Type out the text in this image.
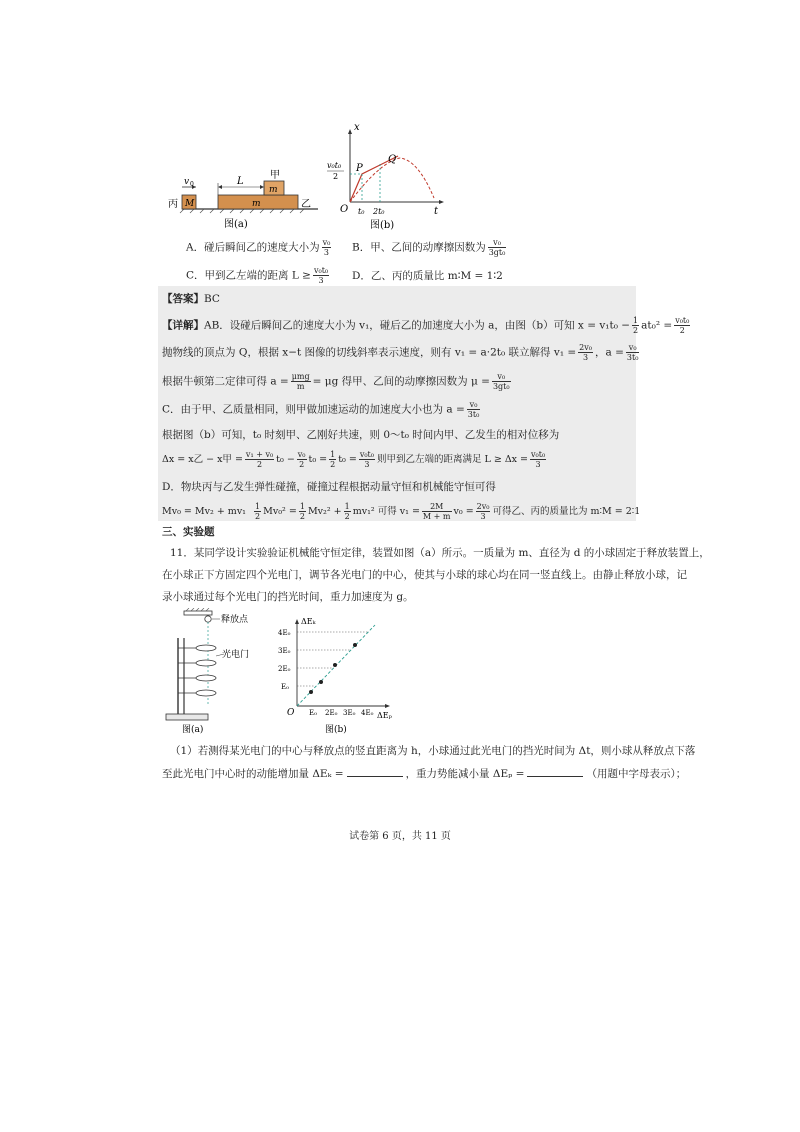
v 0	L
甲
m
m
M
丙	乙
图(a)
v₀t₀
2
x
t
O
P
Q
t₀ 2t₀
图(b)
A．碰后瞬间乙的速度大小为 $\frac{\text{v₀}}{3}$ B．甲、乙间的动摩擦因数为 $\frac{\text{v₀}}{\text{3gt₀}}$
C．甲到乙左端的距离 $L \ge \frac{\text{v₀t₀}}{3}$ D．乙、丙的质量比 m∶M = 1∶2
【答案】BC
【详解】AB．设碰后瞬间乙的速度大小为 v₁，碰后乙的加速度大小为 a，由图（b）可知 $x = v_1t_0 - \frac{1}{2} at_0^2 = \frac{\text{v₀t₀}}{2}$
抛物线的顶点为 Q，根据 x−t 图像的切线斜率表示速度，则有 v₁ = a·2t₀ 联立解得 $v_1 = \frac{\text{2v₀}}{3}$ ，$a = \frac{\text{v₀}}{\text{3t₀}}$
根据牛顿第二定律可得 $a = \frac{\text{μmg}}{m} = \mu g$ 得甲、乙间的动摩擦因数为 $\mu = \frac{\text{v₀}}{\text{3gt₀}}$
C．由于甲、乙质量相同，则甲做加速运动的加速度大小也为 $a = \frac{\text{v₀}}{\text{3t₀}}$
根据图（b）可知，t₀ 时刻甲、乙刚好共速，则 0～t₀ 时间内甲、乙发生的相对位移为
Δx = x乙 − x甲 = $\frac{\text{v₁ + v₀}}{2} t_0 - \frac{\text{v₀}}{2} t_0 = \frac{1}{2} t_0 = \frac{\text{v₀t₀}}{3}$ 则甲到乙左端的距离满足 $L \ge \Delta x = \frac{\text{v₀t₀}}{3}$
D．物块丙与乙发生弹性碰撞，碰撞过程根据动量守恒和机械能守恒可得
$Mv_0 = Mv_2 + mv_1 \frac{1}{2} Mv_0^2 = \frac{1}{2} Mv_2^2 + \frac{1}{2} mv_1^2$ 可得 $v_1 = \frac{2M}{M + m} v_0 = \frac{\text{2v₀}}{3}$ 可得乙、丙的质量比为 m∶M = 2∶1
三、实验题
11．某同学设计实验验证机械能守恒定律，装置如图（a）所示。一质量为 m、直径为 d 的小球固定于释放装置上，
在小球正下方固定四个光电门，调节各光电门的中心，使其与小球的球心均在同一竖直线上。由静止释放小球，记
录小球通过每个光电门的挡光时间，重力加速度为 g。
释放点
光电门
图(a)
ΔEₖ
ΔEₚ
O
E₀
2E₀
3E₀
4E₀
E₀ 2E₀ 3E₀ 4E₀
图(b)
（1）若测得某光电门的中心与释放点的竖直距离为 h，小球通过此光电门的挡光时间为 Δt，则小球从释放点下落
至此光电门中心时的动能增加量 ΔEₖ =	，重力势能减小量 ΔEₚ =	（用题中字母表示）；
试卷第 6 页，共 11 页
